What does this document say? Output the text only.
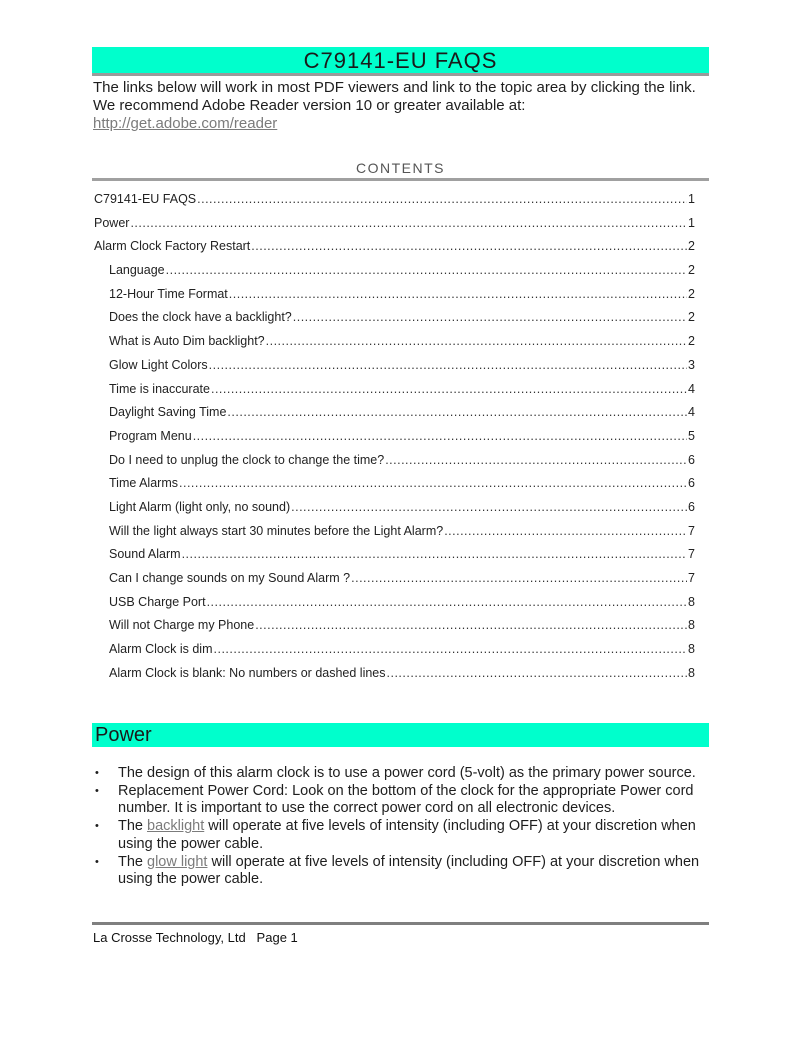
C79141-EU FAQS
The links below will work in most PDF viewers and link to the topic area by clicking the link. We recommend Adobe Reader version 10 or greater available at:
http://get.adobe.com/reader
CONTENTS
C79141-EU FAQS .....	1
Power .....	1
Alarm Clock Factory Restart .....	2
Language .....	2
12-Hour Time Format .....	2
Does the clock have a backlight? .....	2
What is Auto Dim backlight? .....	2
Glow Light Colors .....	3
Time is inaccurate .....	4
Daylight Saving Time .....	4
Program Menu .....	5
Do I need to unplug the clock to change the time? .....	6
Time Alarms .....	6
Light Alarm (light only, no sound) .....	6
Will the light always start 30 minutes before the Light Alarm? .....	7
Sound Alarm .....	7
Can I change sounds on my Sound Alarm ? .....	7
USB Charge Port .....	8
Will not Charge my Phone .....	8
Alarm Clock is dim .....	8
Alarm Clock is blank: No numbers or dashed lines .....	8
Power
• The design of this alarm clock is to use a power cord (5-volt) as the primary power source.
• Replacement Power Cord: Look on the bottom of the clock for the appropriate Power cord number. It is important to use the correct power cord on all electronic devices.
• The backlight will operate at five levels of intensity (including OFF) at your discretion when using the power cable.
• The glow light will operate at five levels of intensity (including OFF) at your discretion when using the power cable.
La Crosse Technology, Ltd   Page 1
